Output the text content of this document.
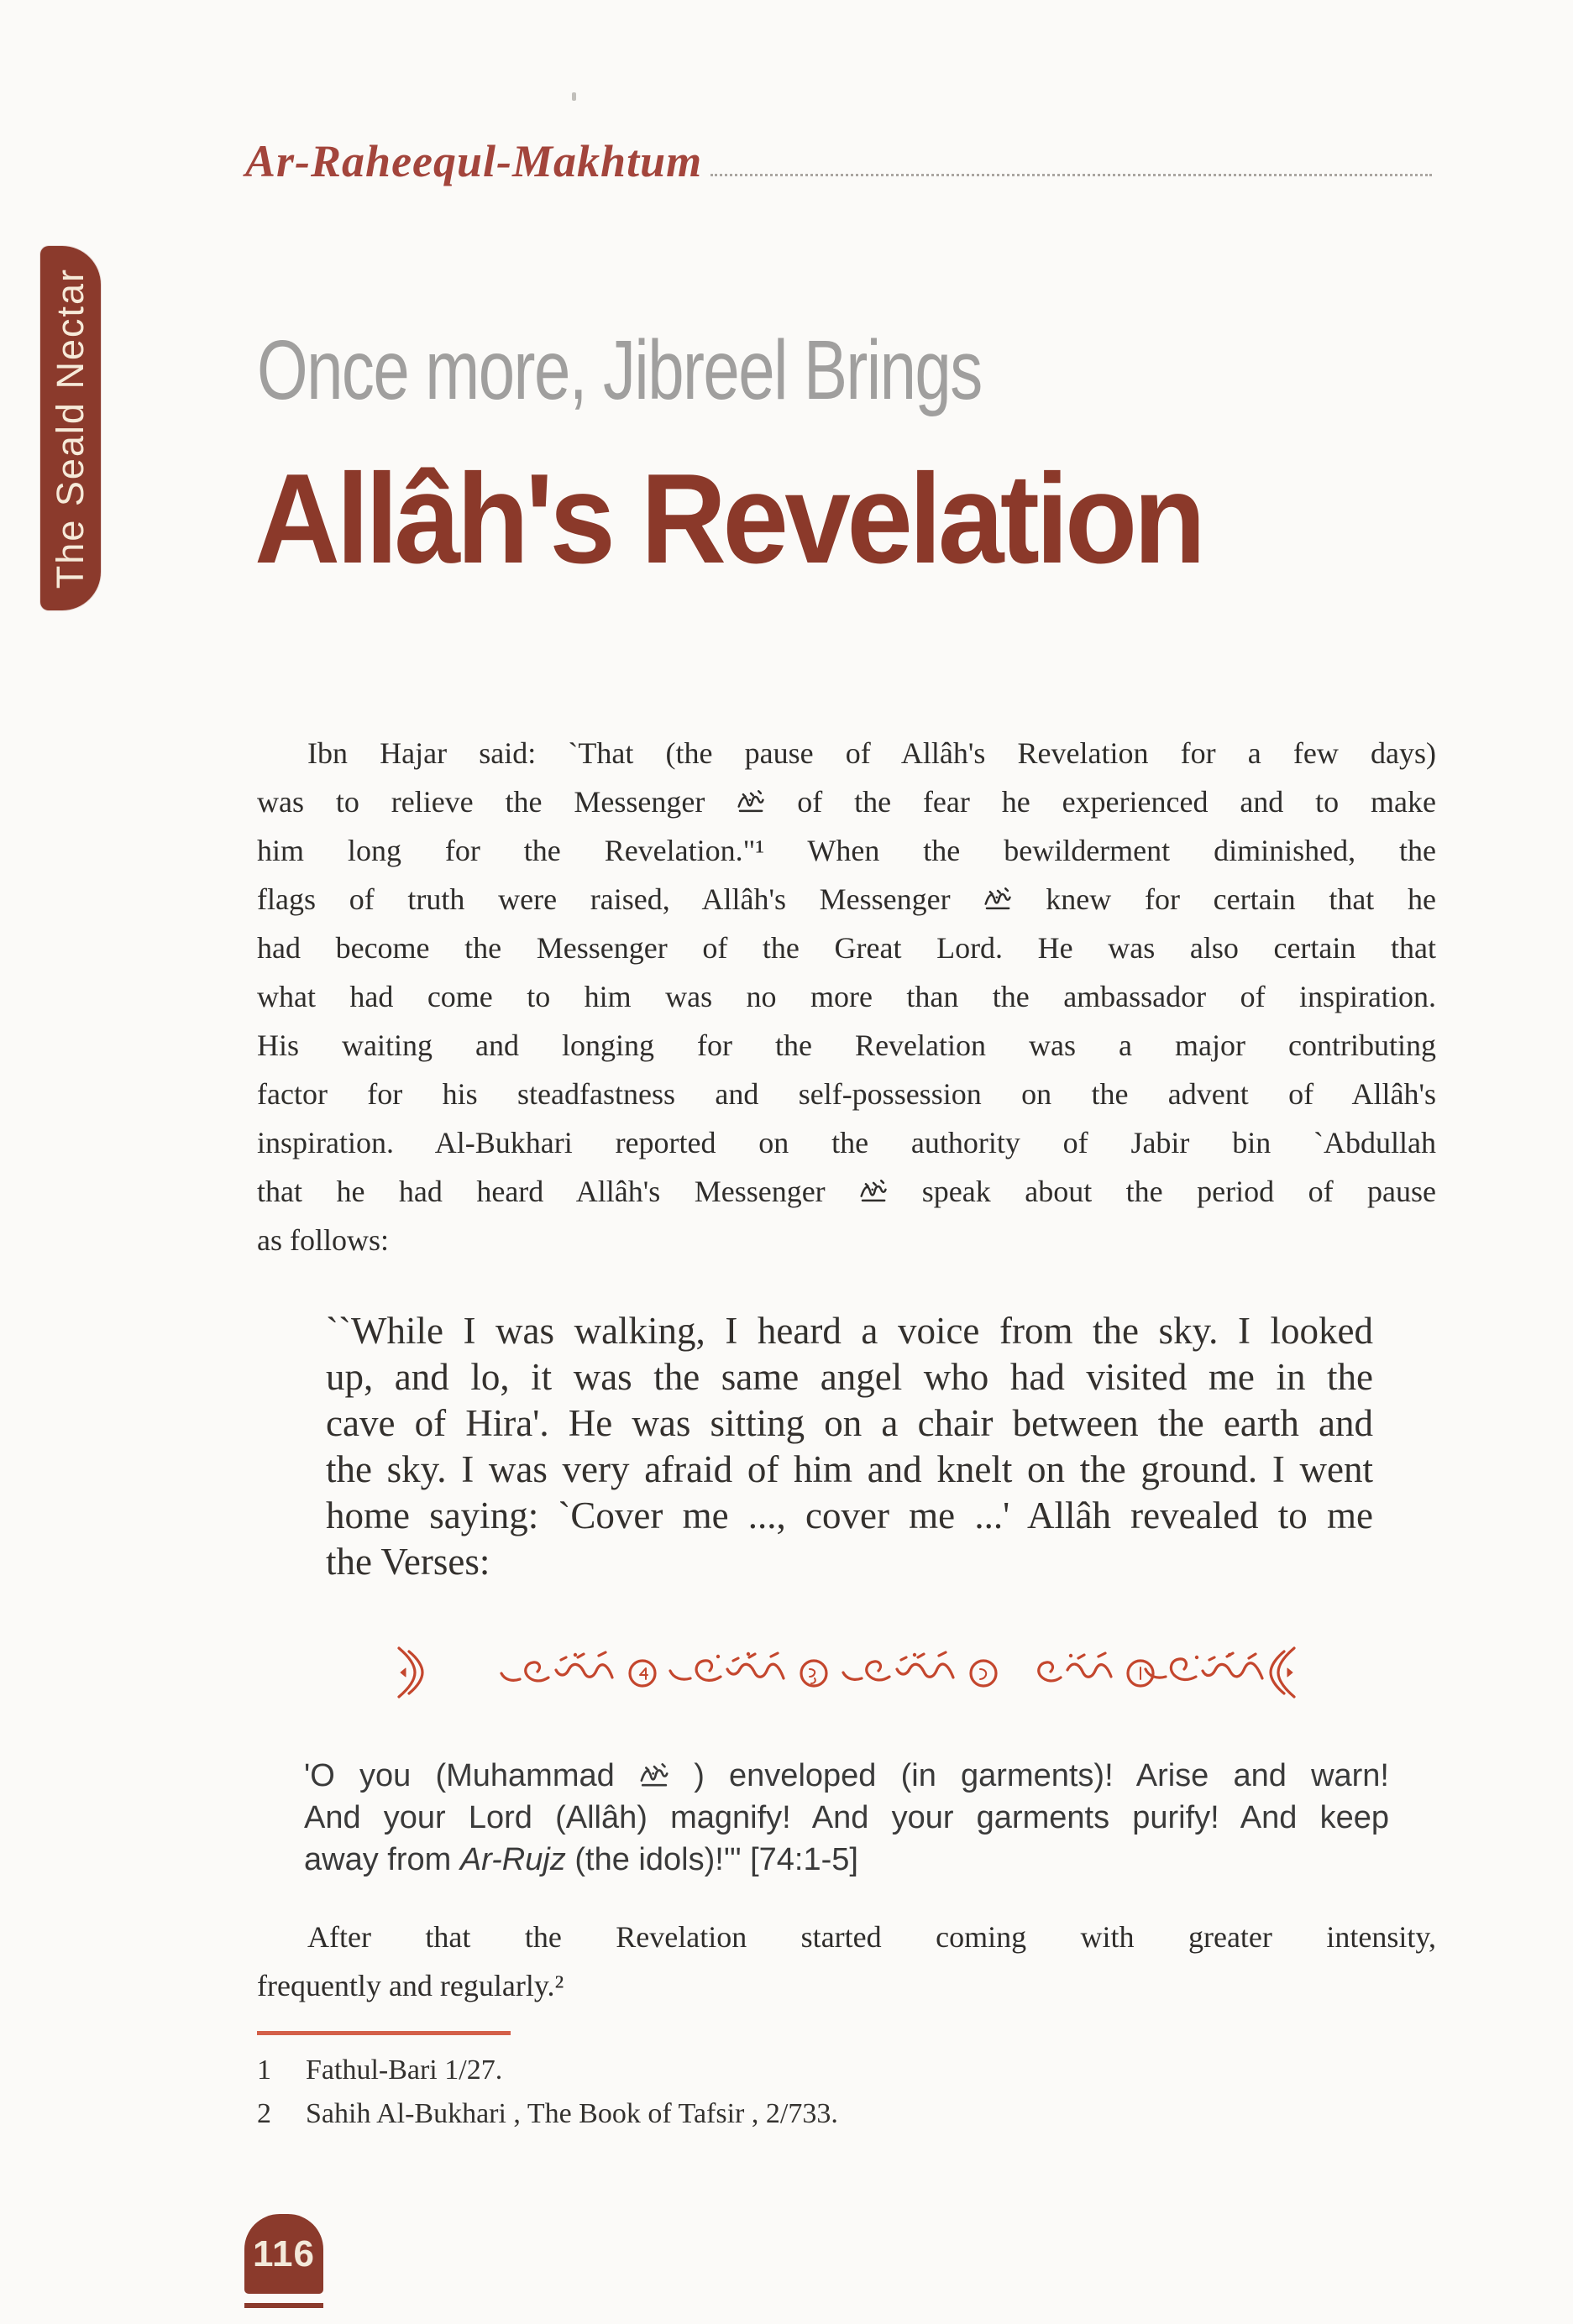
Ar-Raheequl-Makhtum
The Seald Nectar Once more, Jibreel Brings
Allâh's Revelation
Ibn Hajar said: `That (the pause of Allâh's Revelation for a few days)
was to relieve the Messenger
of the fear he experienced and to make
him long for the Revelation."¹ When the bewilderment diminished, the
flags of truth were raised, Allâh's Messenger
knew for certain that he
had become the Messenger of the Great Lord. He was also certain that
what had come to him was no more than the ambassador of inspiration.
His waiting and longing for the Revelation was a major contributing
factor for his steadfastness and self-possession on the advent of Allâh's
inspiration. Al-Bukhari reported on the authority of Jabir bin `Abdullah
that he had heard Allâh's Messenger
speak about the period of pause
as follows:
``While I was walking, I heard a voice from the sky. I looked
up, and lo, it was the same angel who had visited me in the
cave of Hira'. He was sitting on a chair between the earth and
the sky. I was very afraid of him and knelt on the ground. I went
home saying: `Cover me ..., cover me ...' Allâh revealed to me
the Verses:
'O you (Muhammad
) enveloped (in garments)! Arise and warn!
And your Lord (Allâh) magnify! And your garments purify! And keep
away from Ar-Rujz (the idols)!'" [74:1-5]
After that the Revelation started coming with greater intensity,
frequently and regularly.²
1	Fathul-Bari 1/27.
2	Sahih Al-Bukhari , The Book of Tafsir , 2/733.
116
